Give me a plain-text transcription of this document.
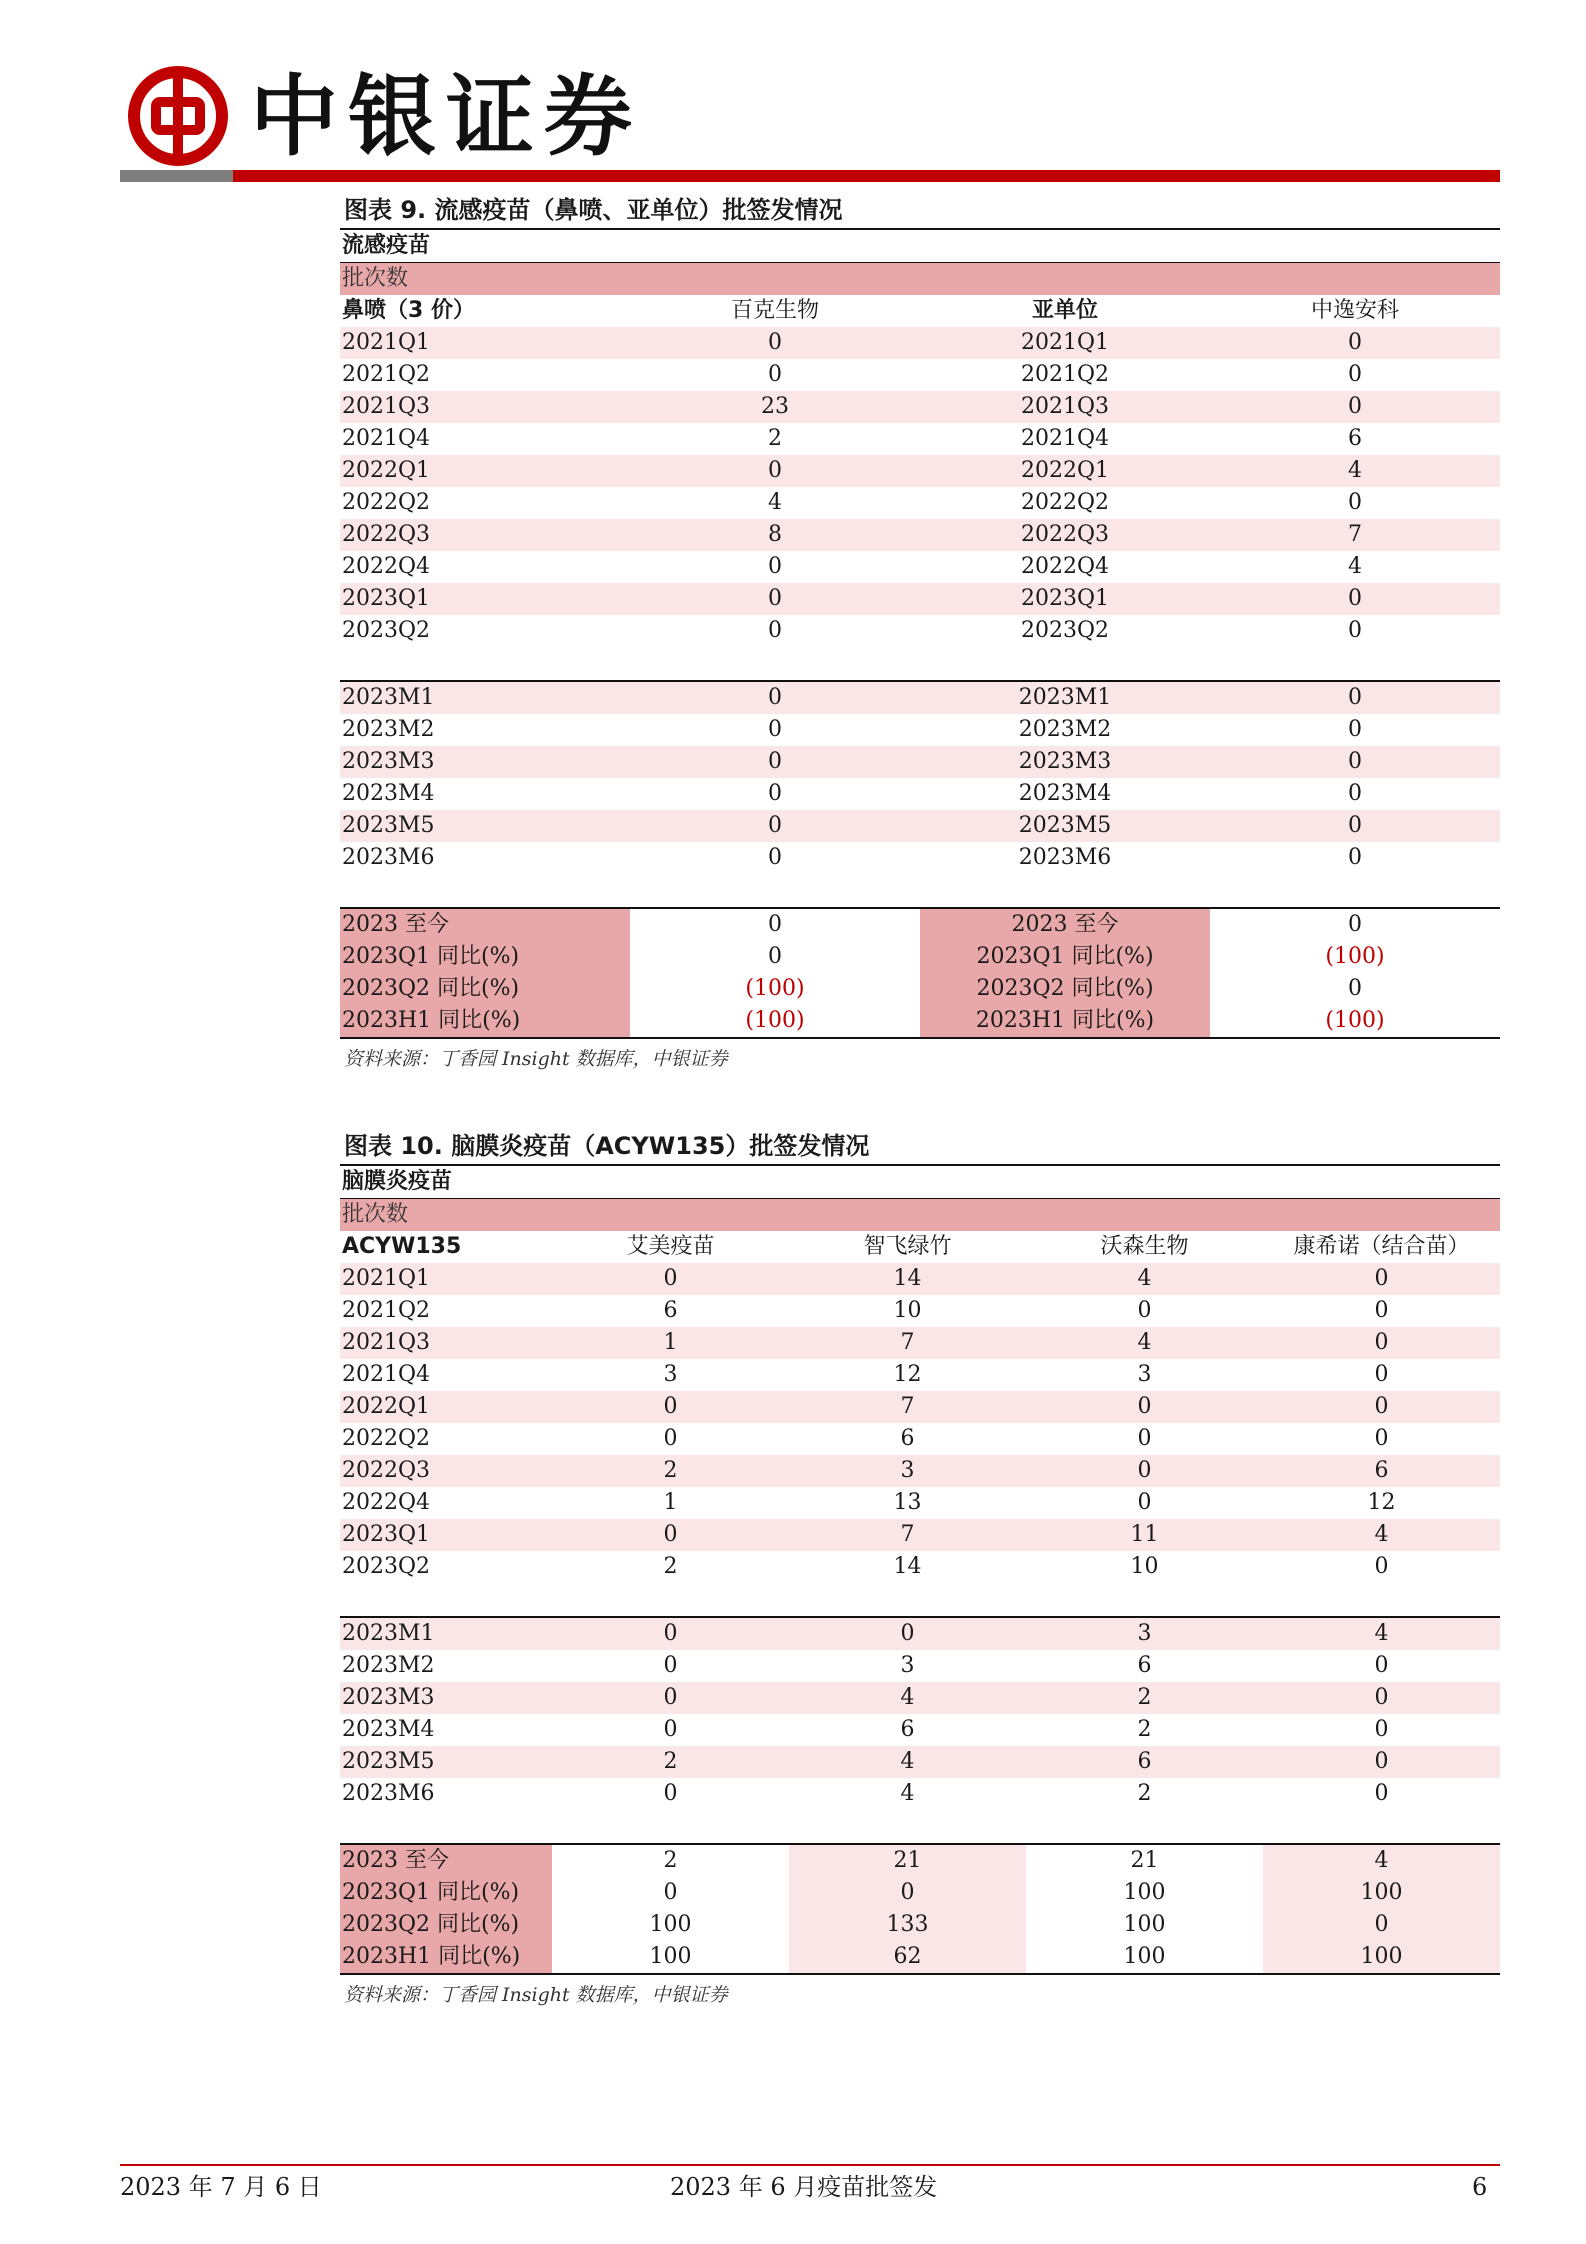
中银证券
图表 9. 流感疫苗（鼻喷、亚单位）批签发情况
流感疫苗			
批次数			
鼻喷（3 价）	百克生物	亚单位	中逸安科
2021Q1	0	2021Q1	0
2021Q2	0	2021Q2	0
2021Q3	23	2021Q3	0
2021Q4	2	2021Q4	6
2022Q1	0	2022Q1	4
2022Q2	4	2022Q2	0
2022Q3	8	2022Q3	7
2022Q4	0	2022Q4	4
2023Q1	0	2023Q1	0
2023Q2	0	2023Q2	0

2023M1	0	2023M1	0
2023M2	0	2023M2	0
2023M3	0	2023M3	0
2023M4	0	2023M4	0
2023M5	0	2023M5	0
2023M6	0	2023M6	0

2023 至今	0	2023 至今	0
2023Q1 同比(%)	0	2023Q1 同比(%)	(100)
2023Q2 同比(%)	(100)	2023Q2 同比(%)	0
2023H1 同比(%)	(100)	2023H1 同比(%)	(100)
资料来源：丁香园 Insight 数据库，中银证券
图表 10. 脑膜炎疫苗（ACYW135）批签发情况
脑膜炎疫苗				
批次数				
ACYW135	艾美疫苗	智飞绿竹	沃森生物	康希诺（结合苗）
2021Q1	0	14	4	0
2021Q2	6	10	0	0
2021Q3	1	7	4	0
2021Q4	3	12	3	0
2022Q1	0	7	0	0
2022Q2	0	6	0	0
2022Q3	2	3	0	6
2022Q4	1	13	0	12
2023Q1	0	7	11	4
2023Q2	2	14	10	0

2023M1	0	0	3	4
2023M2	0	3	6	0
2023M3	0	4	2	0
2023M4	0	6	2	0
2023M5	2	4	6	0
2023M6	0	4	2	0

2023 至今	2	21	21	4
2023Q1 同比(%)	0	0	100	100
2023Q2 同比(%)	100	133	100	0
2023H1 同比(%)	100	62	100	100
资料来源：丁香园 Insight 数据库，中银证券
2023 年 7 月 6 日	2023 年 6 月疫苗批签发	6
